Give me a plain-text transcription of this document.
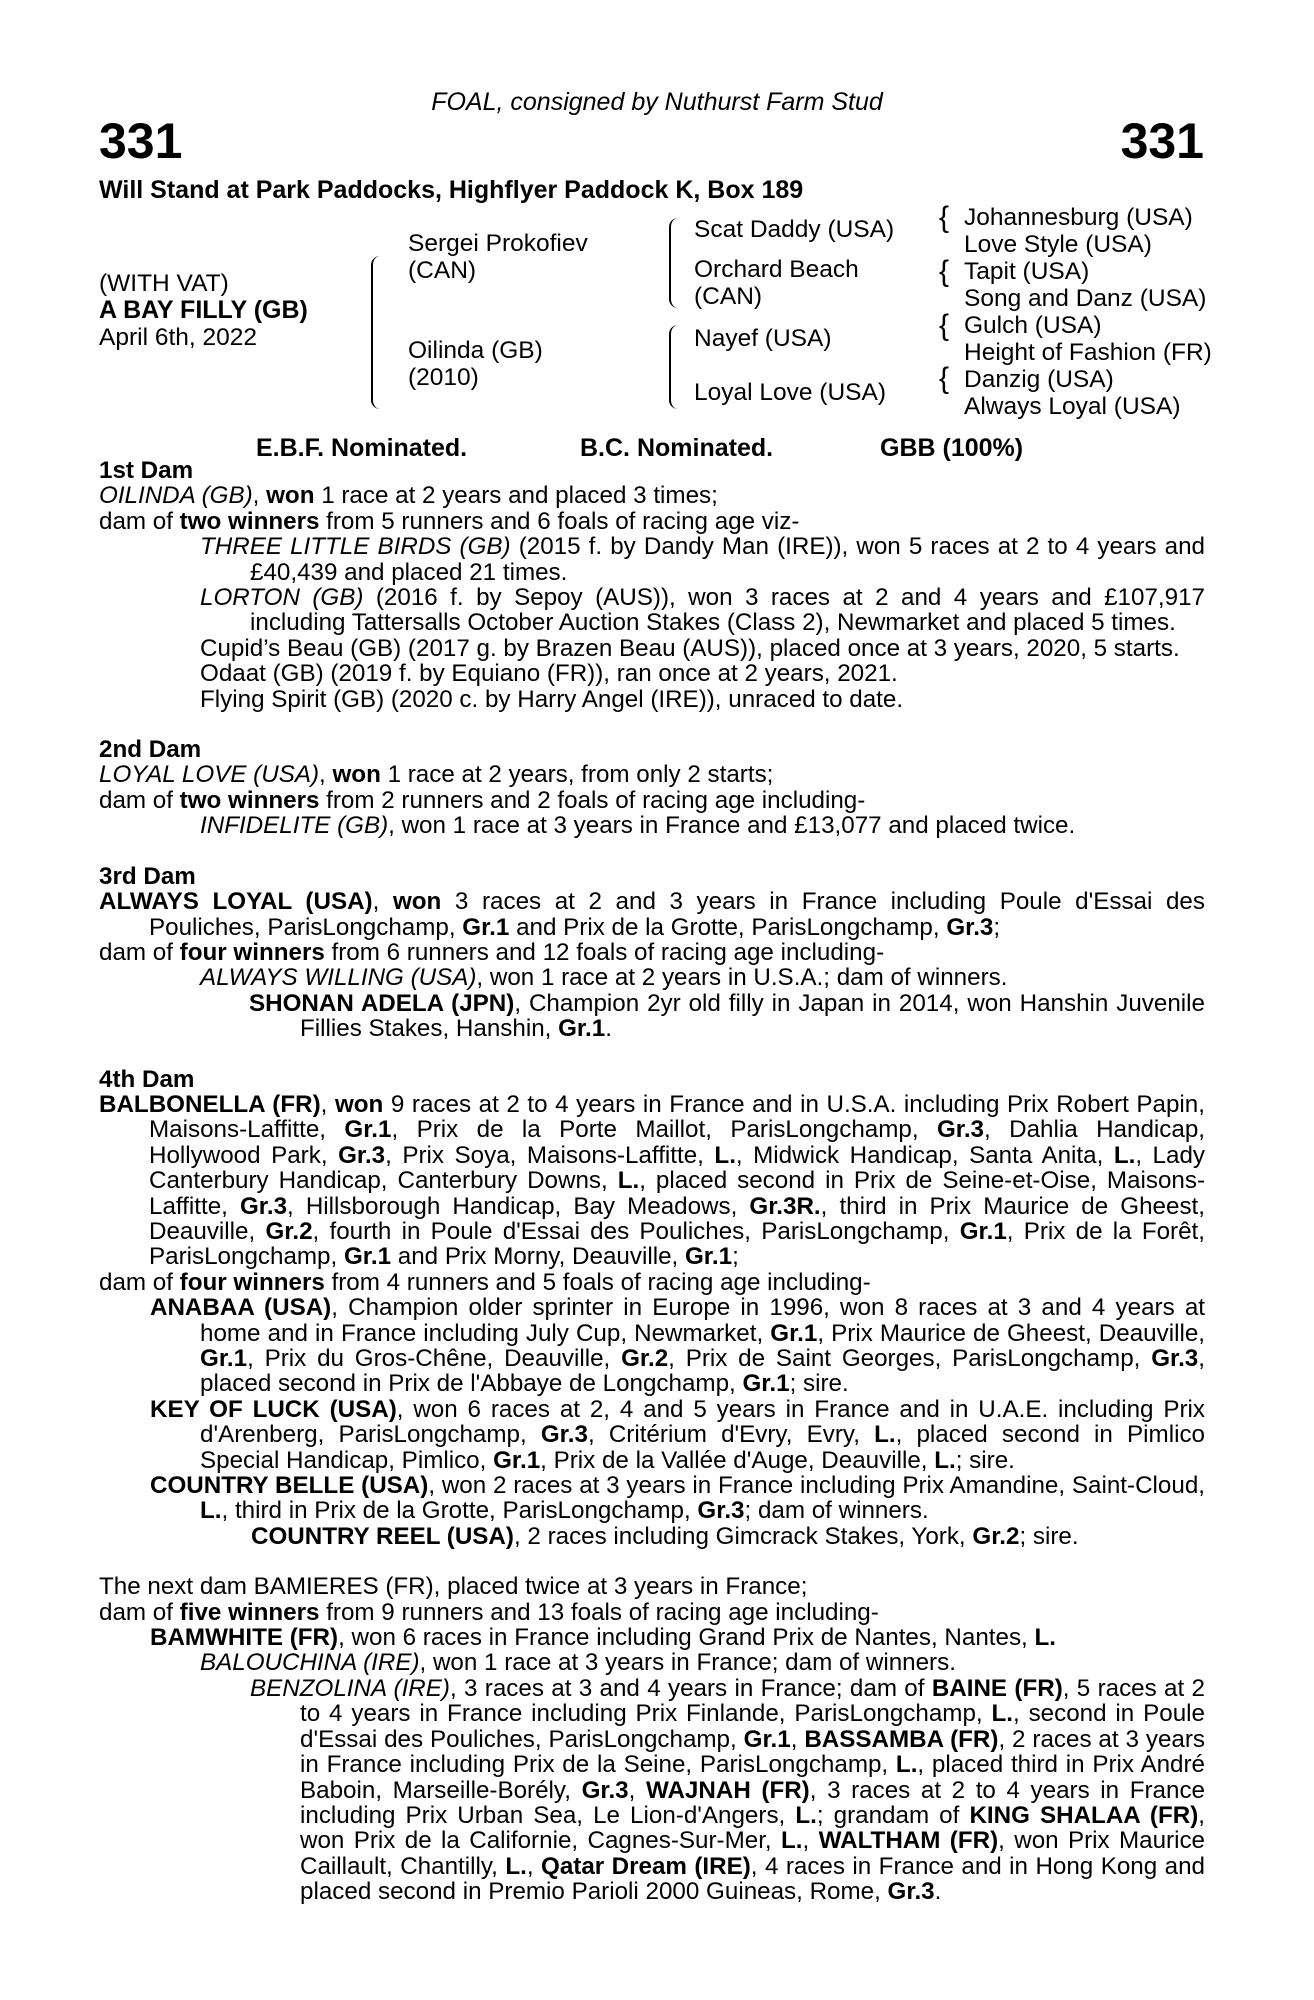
331
FOAL, consigned by Nuthurst Farm Stud
331
Will Stand at Park Paddocks, Highflyer Paddock K, Box 189
(WITH VAT)
A BAY FILLY (GB)
April 6th, 2022
Sergei Prokofiev
(CAN)
Oilinda (GB)
(2010)
Scat Daddy (USA)
Orchard Beach
(CAN)
Nayef (USA)
Loyal Love (USA)
{
{
{
{
Johannesburg (USA)
Love Style (USA)
Tapit (USA)
Song and Danz (USA)
Gulch (USA)
Height of Fashion (FR)
Danzig (USA)
Always Loyal (USA)
E.B.F. Nominated.	B.C. Nominated.	GBB (100%)

1st Dam

OILINDA (GB), won 1 race at 2 years and placed 3 times;

dam of two winners from 5 runners and 6 foals of racing age viz-

THREE LITTLE BIRDS (GB) (2015 f. by Dandy Man (IRE)), won 5 races at 2 to 4 years and £40,439 and placed 21 times.

LORTON (GB) (2016 f. by Sepoy (AUS)), won 3 races at 2 and 4 years and £107,917 including Tattersalls October Auction Stakes (Class 2), Newmarket and placed 5 times.

Cupid’s Beau (GB) (2017 g. by Brazen Beau (AUS)), placed once at 3 years, 2020, 5 starts.

Odaat (GB) (2019 f. by Equiano (FR)), ran once at 2 years, 2021.

Flying Spirit (GB) (2020 c. by Harry Angel (IRE)), unraced to date.

2nd Dam

LOYAL LOVE (USA), won 1 race at 2 years, from only 2 starts;

dam of two winners from 2 runners and 2 foals of racing age including-

INFIDELITE (GB), won 1 race at 3 years in France and £13,077 and placed twice.

3rd Dam

ALWAYS LOYAL (USA), won 3 races at 2 and 3 years in France including Poule d'Essai des Pouliches, ParisLongchamp, Gr.1 and Prix de la Grotte, ParisLongchamp, Gr.3;

dam of four winners from 6 runners and 12 foals of racing age including-

ALWAYS WILLING (USA), won 1 race at 2 years in U.S.A.; dam of winners.

SHONAN ADELA (JPN), Champion 2yr old filly in Japan in 2014, won Hanshin Juvenile Fillies Stakes, Hanshin, Gr.1.

4th Dam

BALBONELLA (FR), won 9 races at 2 to 4 years in France and in U.S.A. including Prix Robert Papin, Maisons-Laffitte, Gr.1, Prix de la Porte Maillot, ParisLongchamp, Gr.3, Dahlia Handicap, Hollywood Park, Gr.3, Prix Soya, Maisons-Laffitte, L., Midwick Handicap, Santa Anita, L., Lady Canterbury Handicap, Canterbury Downs, L., placed second in Prix de Seine-et-Oise, Maisons-Laffitte, Gr.3, Hillsborough Handicap, Bay Meadows, Gr.3R., third in Prix Maurice de Gheest, Deauville, Gr.2, fourth in Poule d'Essai des Pouliches, ParisLongchamp, Gr.1, Prix de la Forêt, ParisLongchamp, Gr.1 and Prix Morny, Deauville, Gr.1;

dam of four winners from 4 runners and 5 foals of racing age including-

ANABAA (USA), Champion older sprinter in Europe in 1996, won 8 races at 3 and 4 years at home and in France including July Cup, Newmarket, Gr.1, Prix Maurice de Gheest, Deauville, Gr.1, Prix du Gros-Chêne, Deauville, Gr.2, Prix de Saint Georges, ParisLongchamp, Gr.3, placed second in Prix de l'Abbaye de Longchamp, Gr.1; sire.

KEY OF LUCK (USA), won 6 races at 2, 4 and 5 years in France and in U.A.E. including Prix d'Arenberg, ParisLongchamp, Gr.3, Critérium d'Evry, Evry, L., placed second in Pimlico Special Handicap, Pimlico, Gr.1, Prix de la Vallée d'Auge, Deauville, L.; sire.

COUNTRY BELLE (USA), won 2 races at 3 years in France including Prix Amandine, Saint-Cloud, L., third in Prix de la Grotte, ParisLongchamp, Gr.3; dam of winners.

COUNTRY REEL (USA), 2 races including Gimcrack Stakes, York, Gr.2; sire.

The next dam BAMIERES (FR), placed twice at 3 years in France;

dam of five winners from 9 runners and 13 foals of racing age including-

BAMWHITE (FR), won 6 races in France including Grand Prix de Nantes, Nantes, L.

BALOUCHINA (IRE), won 1 race at 3 years in France; dam of winners.

BENZOLINA (IRE), 3 races at 3 and 4 years in France; dam of BAINE (FR), 5 races at 2 to 4 years in France including Prix Finlande, ParisLongchamp, L., second in Poule d'Essai des Pouliches, ParisLongchamp, Gr.1, BASSAMBA (FR), 2 races at 3 years in France including Prix de la Seine, ParisLongchamp, L., placed third in Prix André Baboin, Marseille-Borély, Gr.3, WAJNAH (FR), 3 races at 2 to 4 years in France including Prix Urban Sea, Le Lion-d'Angers, L.; grandam of KING SHALAA (FR), won Prix de la Californie, Cagnes-Sur-Mer, L., WALTHAM (FR), won Prix Maurice Caillault, Chantilly, L., Qatar Dream (IRE), 4 races in France and in Hong Kong and placed second in Premio Parioli 2000 Guineas, Rome, Gr.3.
